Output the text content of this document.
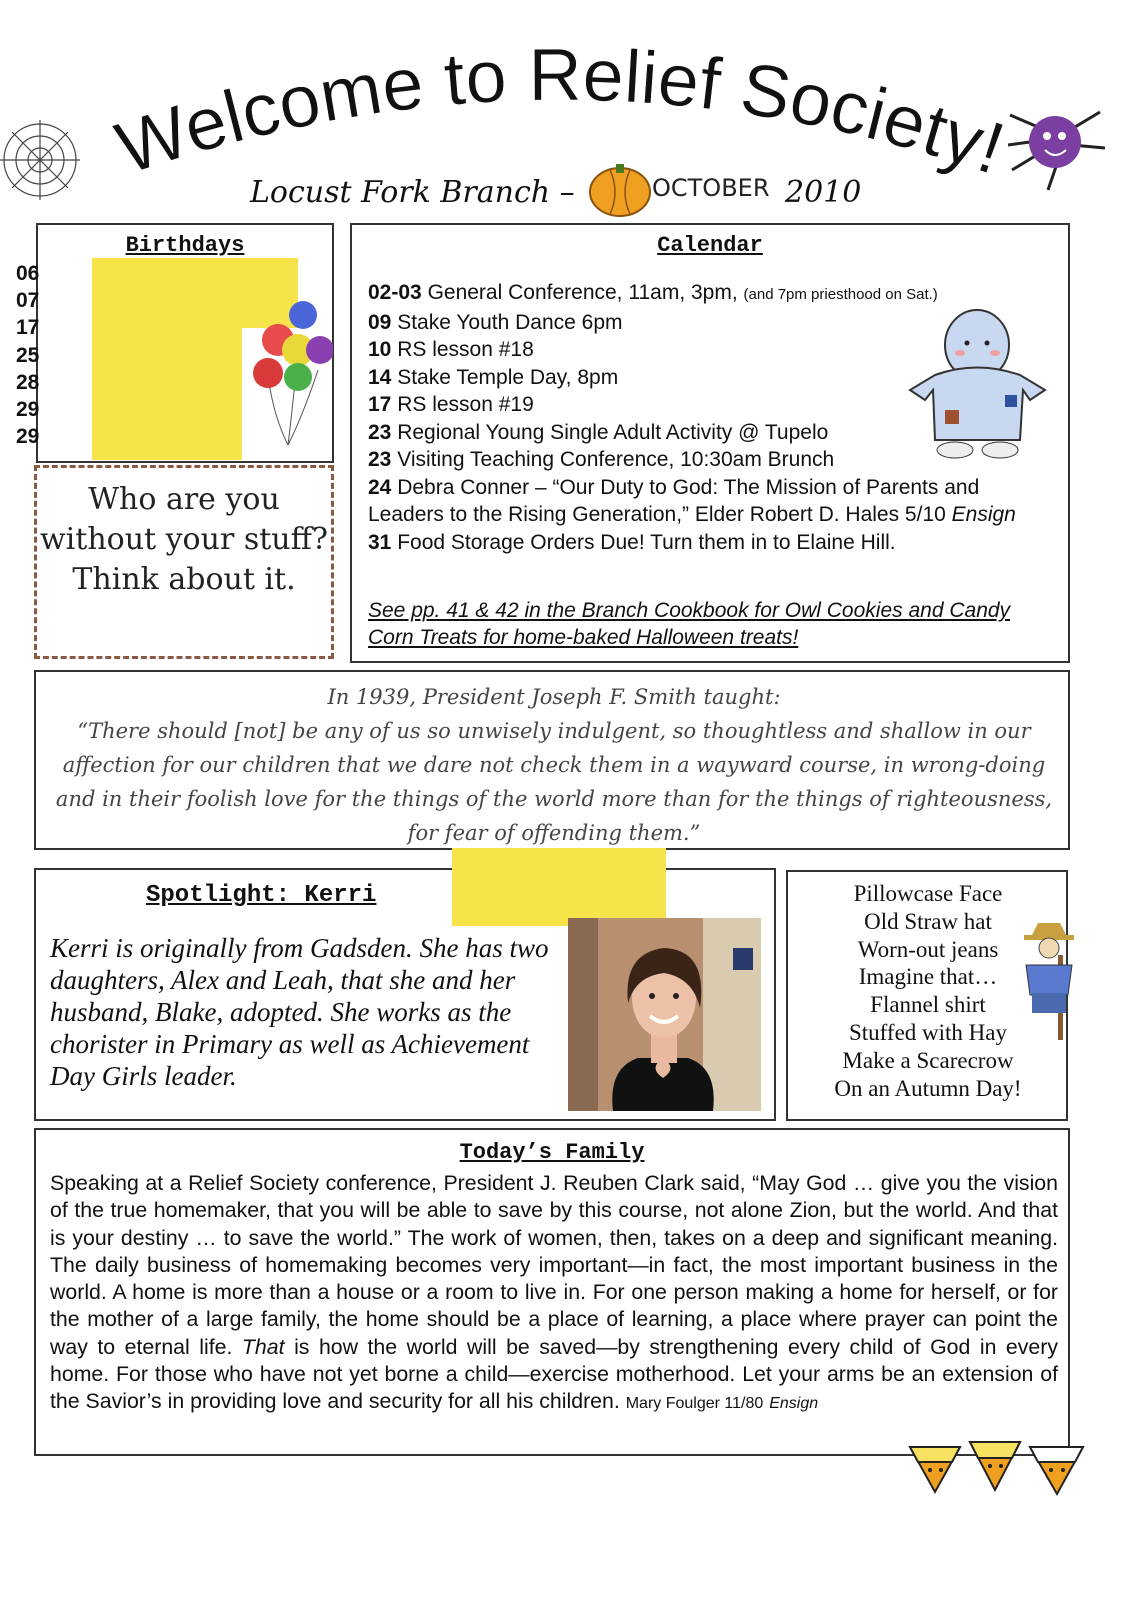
Welcome to Relief Society!
Locust Fork Branch –	OCTOBER 2010
Birthdays
06
07
17
25
28
29
29
Who are you without your stuff? Think about it.
Calendar

02-03 General Conference, 11am, 3pm, (and 7pm priesthood on Sat.)

09 Stake Youth Dance 6pm

10 RS lesson #18

14 Stake Temple Day, 8pm

17 RS lesson #19

23 Regional Young Single Adult Activity @ Tupelo

23 Visiting Teaching Conference, 10:30am Brunch

24 Debra Conner – “Our Duty to God: The Mission of Parents and Leaders to the Rising Generation,” Elder Robert D. Hales 5/10 Ensign

31 Food Storage Orders Due! Turn them in to Elaine Hill.

See pp. 41 & 42 in the Branch Cookbook for Owl Cookies and Candy Corn Treats for home-baked Halloween treats!
In 1939, President Joseph F. Smith taught:
“There should [not] be any of us so unwisely indulgent, so thoughtless and shallow in our affection for our children that we dare not check them in a wayward course, in wrong-doing and in their foolish love for the things of the world more than for the things of righteousness, for fear of offending them.”
Spotlight: Kerri
Kerri is originally from Gadsden. She has two daughters, Alex and Leah, that she and her husband, Blake, adopted. She works as the chorister in Primary as well as Achievement Day Girls leader.
Pillowcase Face
Old Straw hat
Worn-out jeans
Imagine that…
Flannel shirt
Stuffed with Hay
Make a Scarecrow
On an Autumn Day!
Today’s Family
Speaking at a Relief Society conference, President J. Reuben Clark said, “May God … give you the vision of the true homemaker, that you will be able to save by this course, not alone Zion, but the world. And that is your destiny … to save the world.” The work of women, then, takes on a deep and significant meaning. The daily business of homemaking becomes very important—in fact, the most important business in the world. A home is more than a house or a room to live in. For one person making a home for herself, or for the mother of a large family, the home should be a place of learning, a place where prayer can point the way to eternal life. That is how the world will be saved—by strengthening every child of God in every home. For those who have not yet borne a child—exercise motherhood. Let your arms be an extension of the Savior’s in providing love and security for all his children. Mary Foulger 11/80 Ensign
